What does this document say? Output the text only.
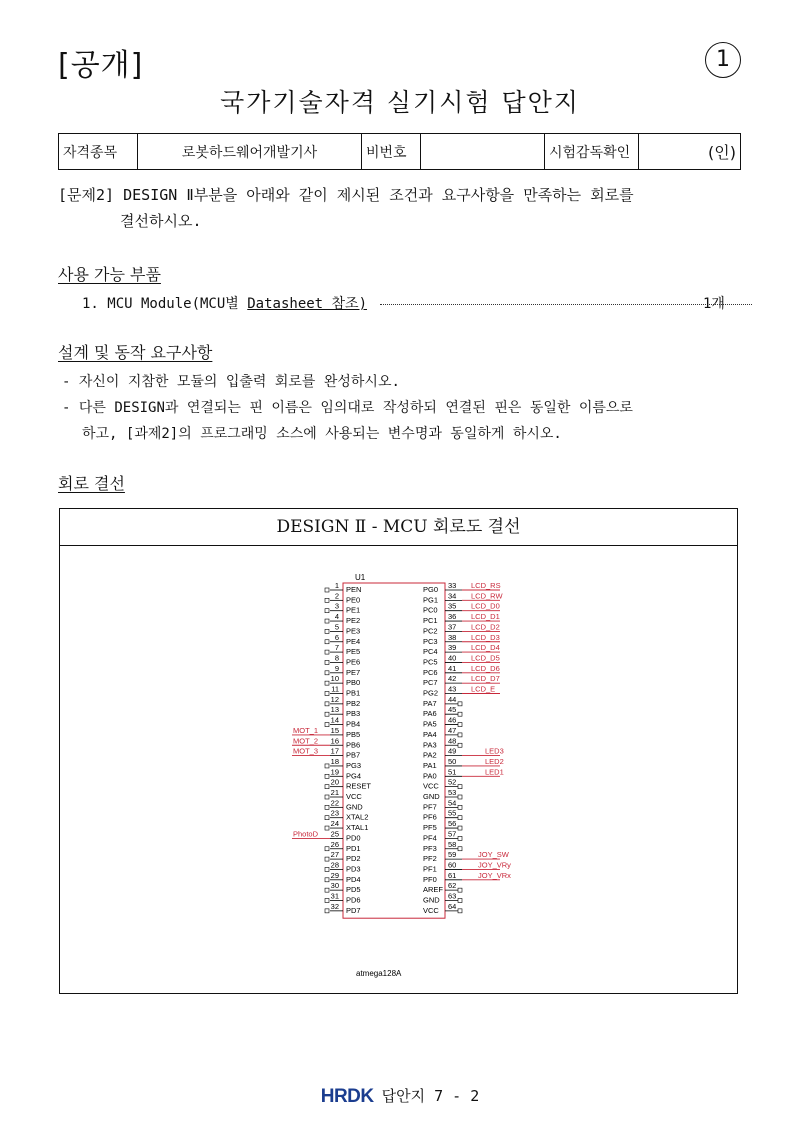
[공개]	1
국가기술자격 실기시험 답안지
자격종목	로봇하드웨어개발기사	비번호		시험감독확인	(인)
[문제2] DESIGN Ⅱ부분을 아래와 같이 제시된 조건과 요구사항을 만족하는 회로를
결선하시오.
사용 가능 부품
1. MCU Module(MCU별 Datasheet 참조)	1개
설계 및 동작 요구사항
- 자신이 지참한 모듈의 입출력 회로를 완성하시오.
- 다른 DESIGN과 연결되는 핀 이름은 임의대로 작성하되 연결된 핀은 동일한 이름으로
하고, [과제2]의 프로그래밍 소스에 사용되는 변수명과 동일하게 하시오.
회로 결선
DESIGN Ⅱ - MCU 회로도 결선
U1
atmega128A
1 PEN
2 PE0
3 PE1
4 PE2
5 PE3
6 PE4
7 PE5
8 PE6
9 PE7
10 PB0
11 PB1
12 PB2
13 PB3
14 PB4
15 PB5
MOT_1
16 PB6
MOT_2
17 PB7
MOT_3
18 PG3
19 PG4
20 RESET
21 VCC
22 GND
23 XTAL2
24 XTAL1
25 PD0
PhotoD
26 PD1
27 PD2
28 PD3
29 PD4
30 PD5
31 PD6
32 PD7
33
PG0	LCD_RS
34
PG1	LCD_RW
35
PC0	LCD_D0
36
PC1	LCD_D1
37
PC2	LCD_D2
38
PC3	LCD_D3
39
PC4	LCD_D4
40
PC5	LCD_D5
41
PC6	LCD_D6
42
PC7	LCD_D7
43
PG2	LCD_E
44
PA7
45
PA6
46
PA5
47
PA4
48
PA3
49
PA2	LED3
50
PA1	LED2
51
PA0	LED1
52
VCC
53
GND
54
PF7
55
PF6
56
PF5
57
PF4
58
PF3
59
PF2	JOY_SW
60
PF1	JOY_VRy
61
PF0	JOY_VRx
62
AREF
63
GND
64
VCC
HRDK 답안지 7 - 2
